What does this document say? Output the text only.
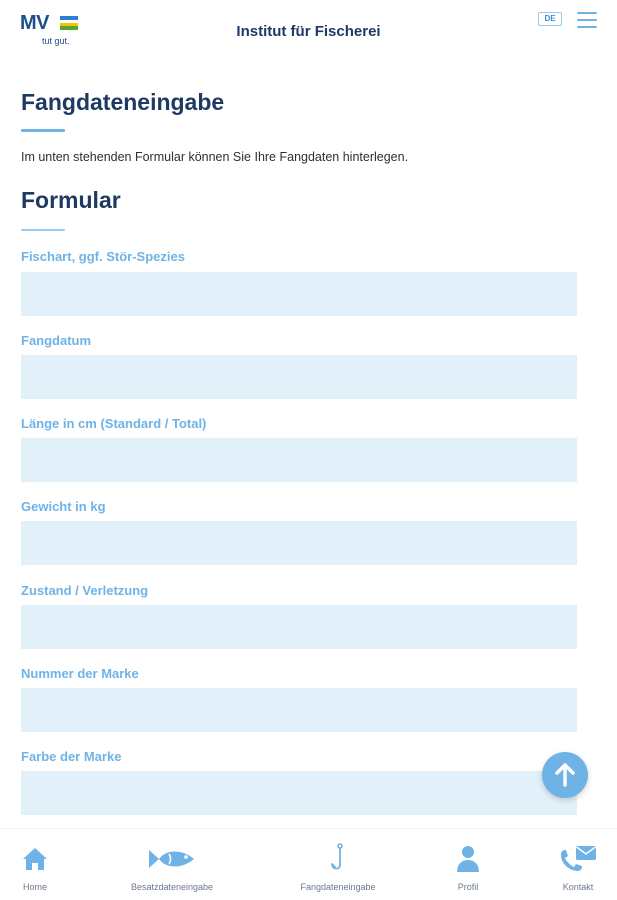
MV
tut gut.
Institut für Fischerei
DE
Fangdateneingabe

Im unten stehenden Formular können Sie Ihre Fangdaten hinterlegen.

Formular
Fischart, ggf. Stör-Spezies
Fangdatum
Länge in cm (Standard / Total)
Gewicht in kg
Zustand / Verletzung
Nummer der Marke
Farbe der Marke
Home	Besatzdateneingabe	Fangdateneingabe	Profil	Kontakt
